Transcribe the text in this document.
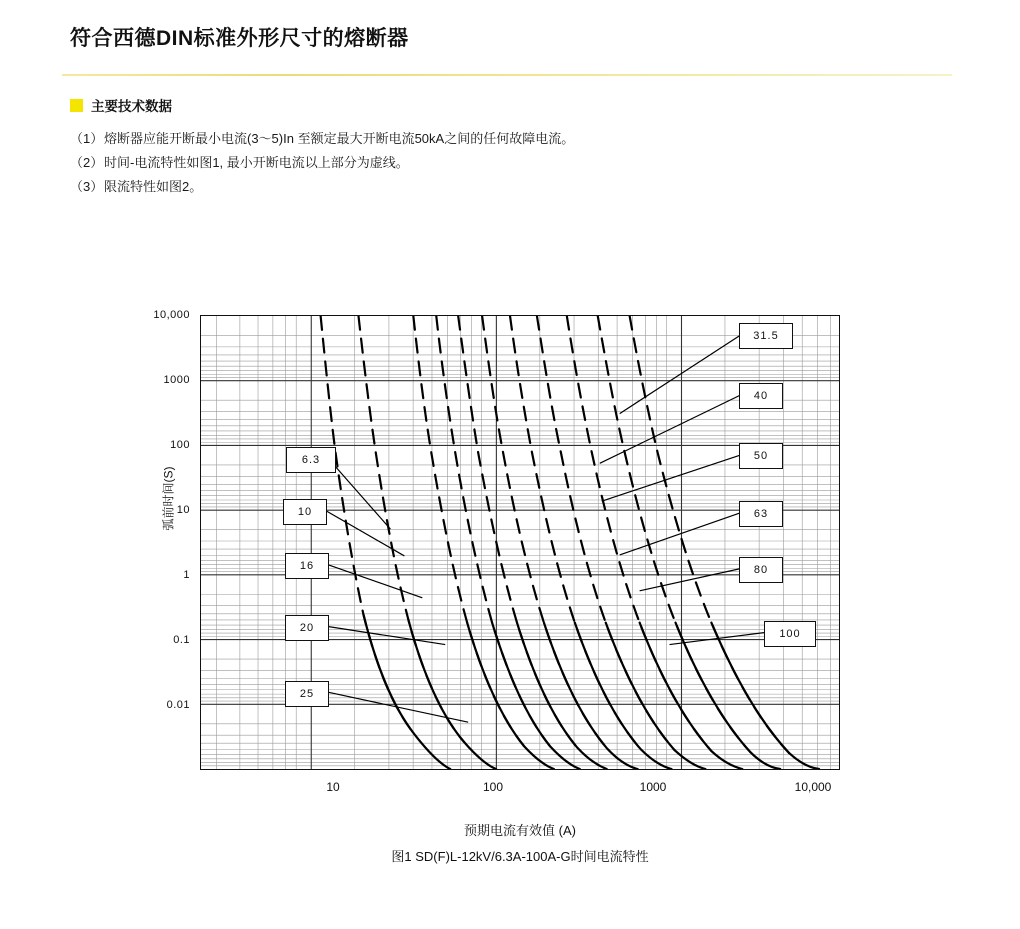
符合西德DIN标准外形尺寸的熔断器
主要技术数据
（1） 熔断器应能开断最小电流(3～5)In 至额定最大开断电流50kA之间的任何故障电流。
（2） 时间-电流特性如图1, 最小开断电流以上部分为虚线。
（3） 限流特性如图2。
弧前时间(S)
10,000
1000
100
10
1
0.1
0.01
10	100	1000	10,000
6.3
10
16
20
25
31.5
40
50
63
80
100
预期电流有效值 (A)
图1 SD(F)L-12kV/6.3A-100A-G时间电流特性
